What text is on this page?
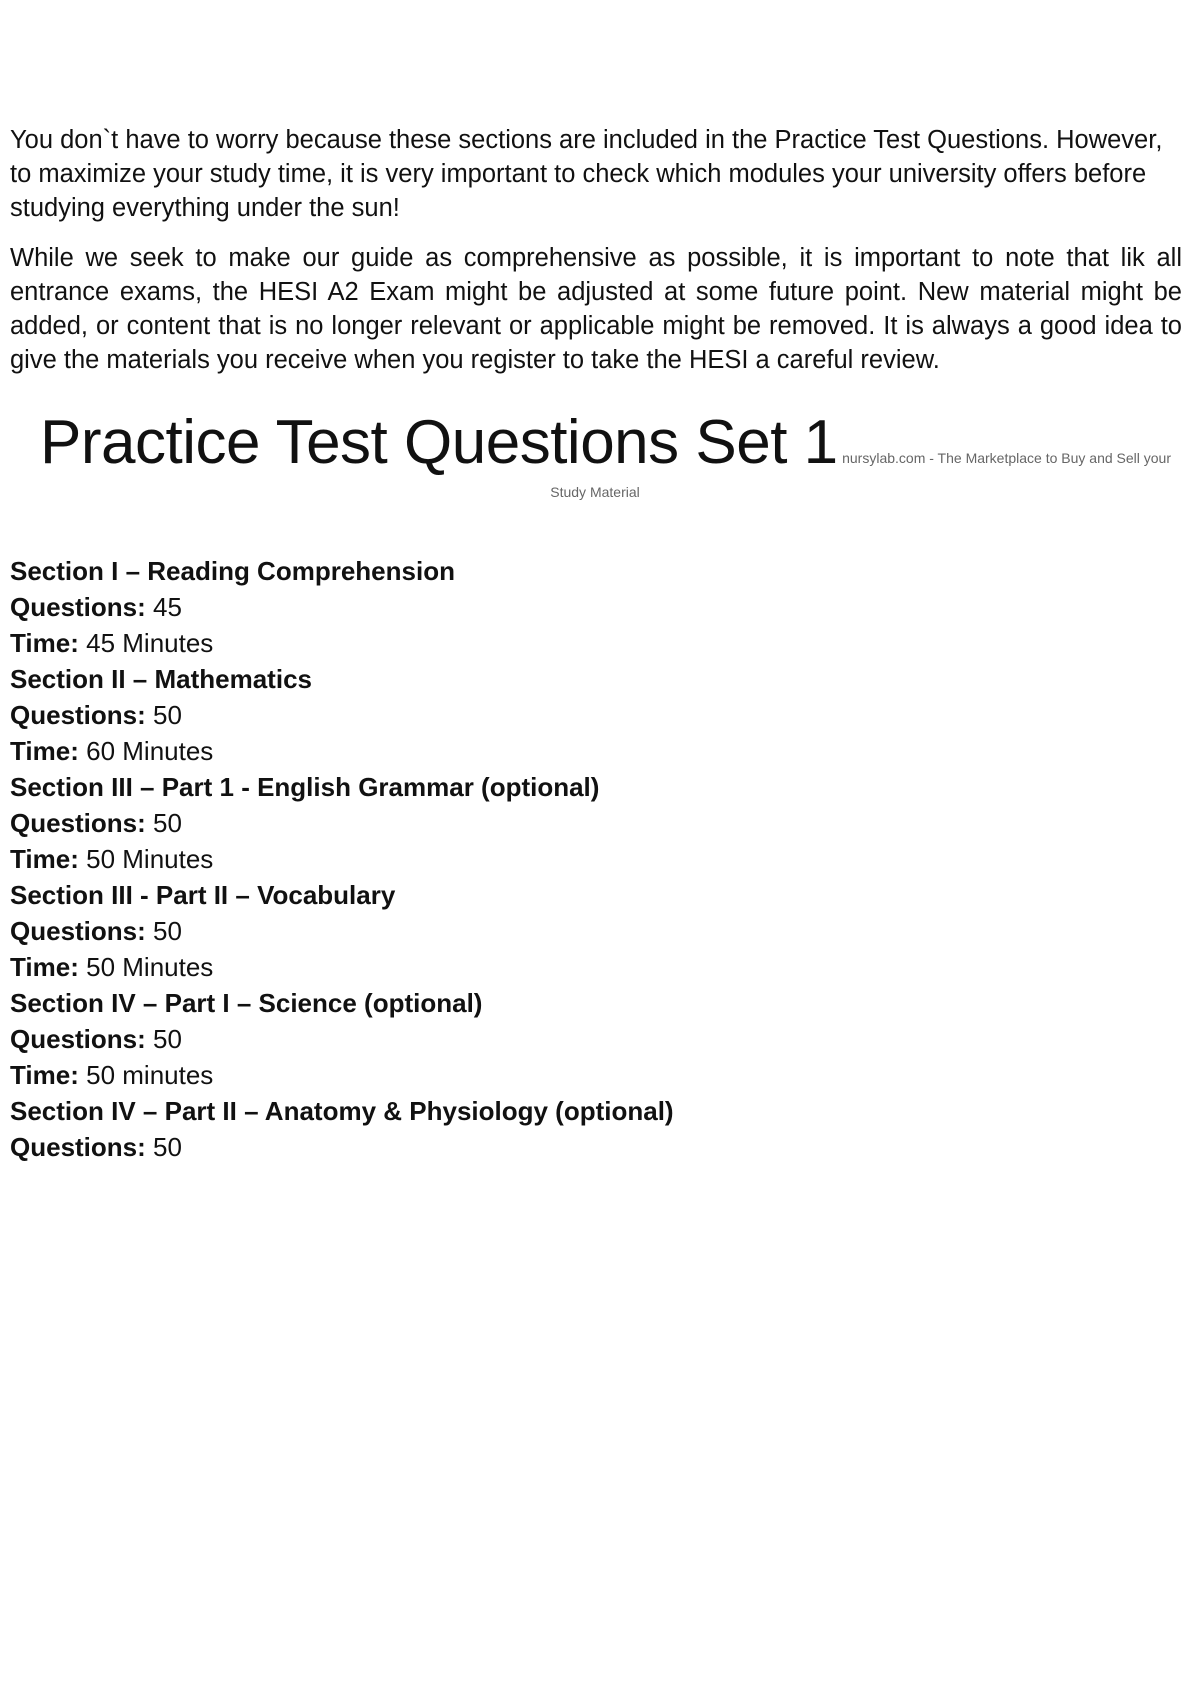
You don`t have to worry because these sections are included in the Practice Test Questions. However, to maximize your study time, it is very important to check which modules your university offers before studying everything under the sun!

While we seek to make our guide as comprehensive as possible, it is important to note that lik all entrance exams, the HESI A2 Exam might be adjusted at some future point. New material might be added, or content that is no longer relevant or applicable might be removed. It is always a good idea to give the materials you receive when you register to take the HESI a careful review.

Practice Test Questions Set 1 nursylab.com - The Marketplace to Buy and Sell your
Study Material
Section I – Reading Comprehension
Questions: 45
Time: 45 Minutes
Section II – Mathematics
Questions: 50
Time: 60 Minutes
Section III – Part 1 - English Grammar (optional)
Questions: 50
Time: 50 Minutes
Section III - Part II – Vocabulary
Questions: 50
Time: 50 Minutes
Section IV – Part I – Science (optional)
Questions: 50
Time: 50 minutes
Section IV – Part II – Anatomy & Physiology (optional)
Questions: 50
